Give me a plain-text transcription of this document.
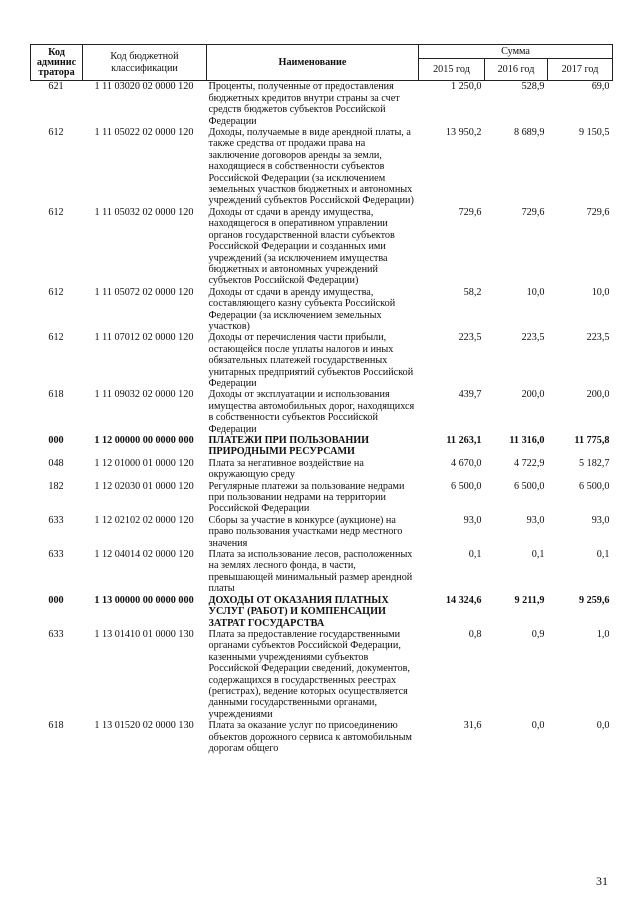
Код
админис
тратора	Код бюджетной классификации	Наименование	Сумма		
			2015 год	2016 год	2017 год
621	1 11 03020 02 0000 120	Проценты, полученные от предоставления бюджетных кредитов внутри страны за счет средств бюджетов субъектов Российской Федерации	1 250,0	528,9	69,0
612	1 11 05022 02 0000 120	Доходы, получаемые в виде арендной платы, а также средства от продажи права на заключение договоров аренды за земли, находящиеся в собственности субъектов Российской Федерации (за исключением земельных участков бюджетных и автономных учреждений субъектов Российской Федерации)	13 950,2	8 689,9	9 150,5
612	1 11 05032 02 0000 120	Доходы от сдачи в аренду имущества, находящегося в оперативном управлении органов государственной власти субъектов Российской Федерации и созданных ими учреждений (за исключением имущества бюджетных и автономных учреждений субъектов Российской Федерации)	729,6	729,6	729,6
612	1 11 05072 02 0000 120	Доходы от сдачи в аренду имущества, составляющего казну субъекта Российской Федерации (за исключением земельных участков)	58,2	10,0	10,0
612	1 11 07012 02 0000 120	Доходы от перечисления части прибыли, остающейся после уплаты налогов и иных обязательных платежей государственных унитарных предприятий субъектов Российской Федерации	223,5	223,5	223,5
618	1 11 09032 02 0000 120	Доходы от эксплуатации и использования имущества автомобильных дорог, находящихся в собственности субъектов Российской Федерации	439,7	200,0	200,0
000	1 12 00000 00 0000 000	ПЛАТЕЖИ ПРИ ПОЛЬЗОВАНИИ ПРИРОДНЫМИ РЕСУРСАМИ	11 263,1	11 316,0	11 775,8
048	1 12 01000 01 0000 120	Плата за негативное воздействие на окружающую среду	4 670,0	4 722,9	5 182,7
182	1 12 02030 01 0000 120	Регулярные платежи за пользование недрами при пользовании недрами на территории Российской Федерации	6 500,0	6 500,0	6 500,0
633	1 12 02102 02 0000 120	Сборы за участие в конкурсе (аукционе) на право пользования участками недр местного значения	93,0	93,0	93,0
633	1 12 04014 02 0000 120	Плата за использование лесов, расположенных на землях лесного фонда, в части, превышающей минимальный размер арендной платы	0,1	0,1	0,1
000	1 13 00000 00 0000 000	ДОХОДЫ ОТ ОКАЗАНИЯ ПЛАТНЫХ УСЛУГ (РАБОТ) И КОМПЕНСАЦИИ ЗАТРАТ ГОСУДАРСТВА	14 324,6	9 211,9	9 259,6
633	1 13 01410 01 0000 130	Плата за предоставление государственными органами субъектов Российской Федерации, казенными учреждениями субъектов Российской Федерации сведений, документов, содержащихся в государственных реестрах (регистрах), ведение которых осуществляется данными государственными органами, учреждениями	0,8	0,9	1,0
618	1 13 01520 02 0000 130	Плата за оказание услуг по присоединению объектов дорожного сервиса к автомобильным дорогам общего	31,6	0,0	0,0
31
